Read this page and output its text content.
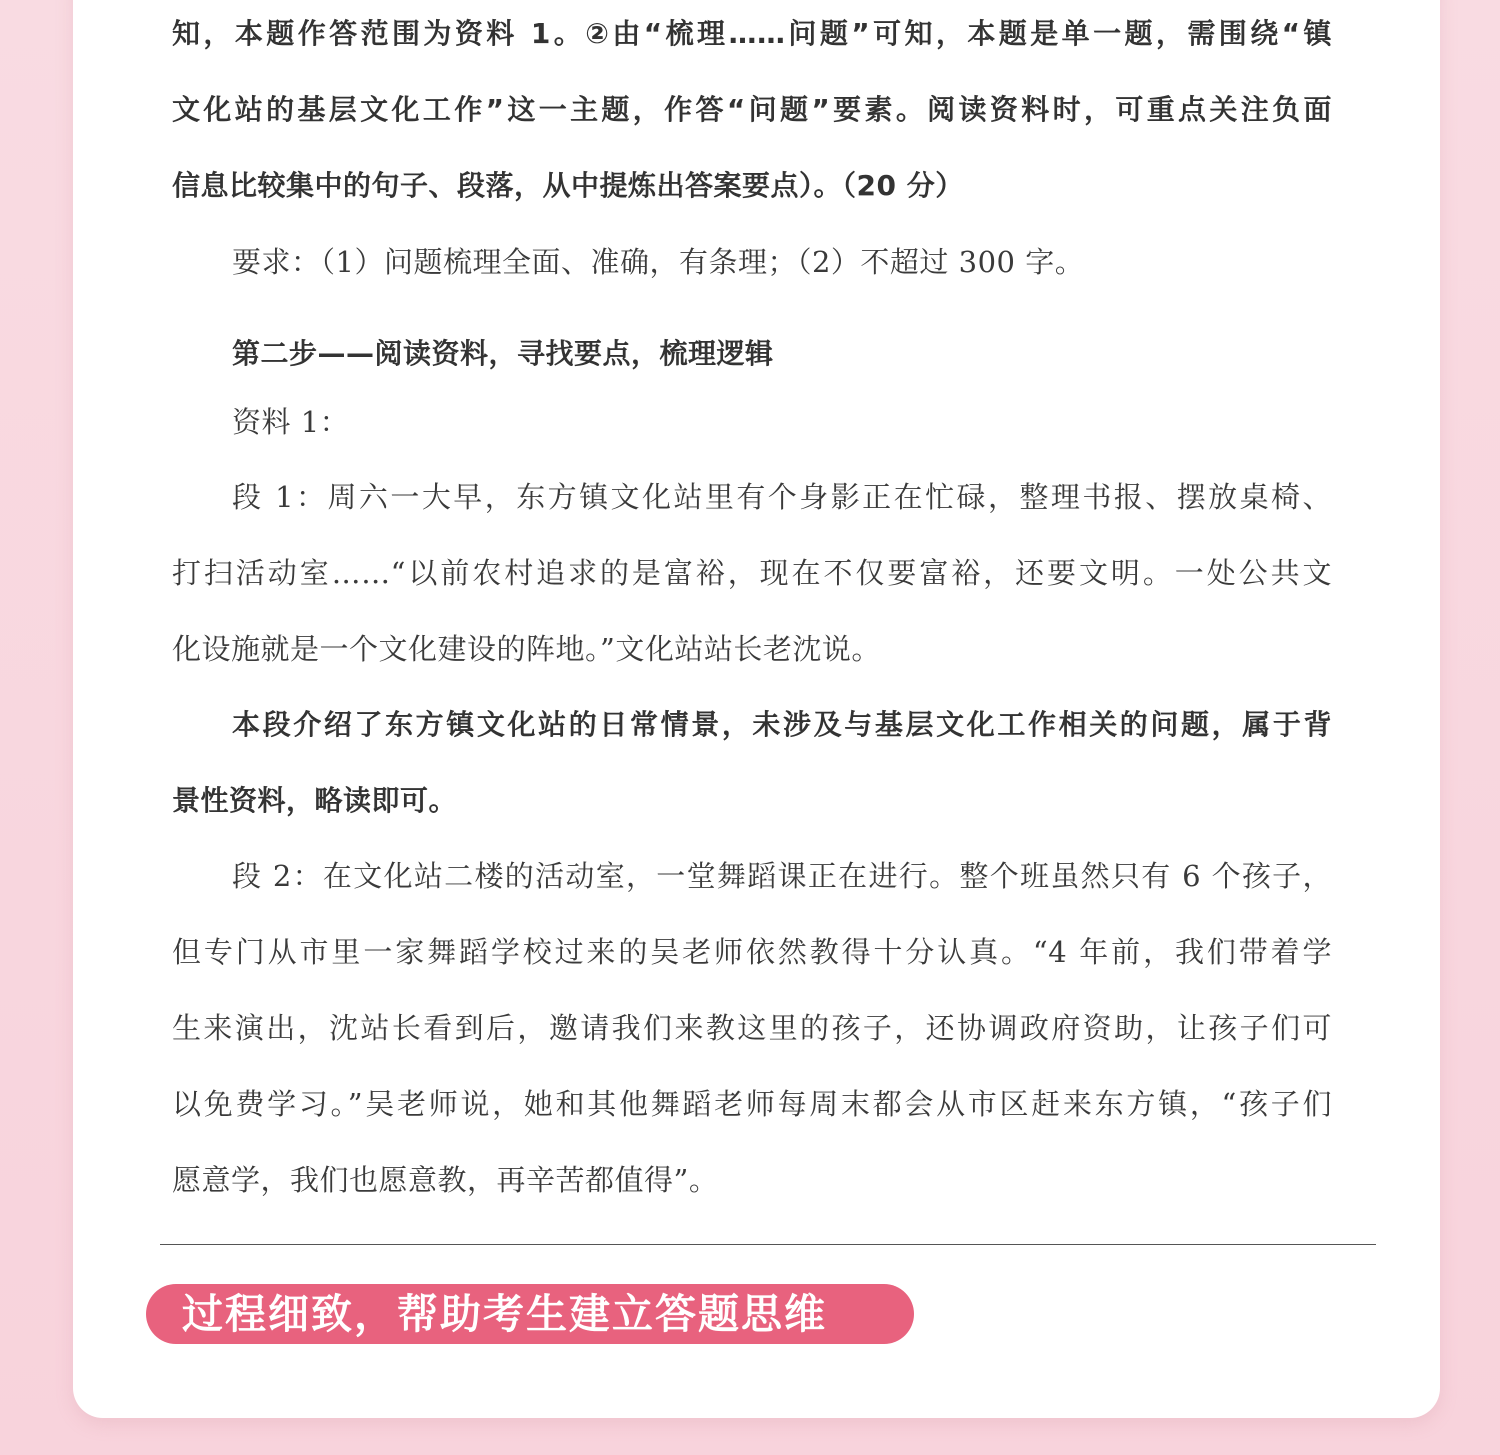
知，本题作答范围为资料 1。②由“梳理……问题”可知，本题是单一题，需围绕“镇
文化站的基层文化工作”这一主题，作答“问题”要素。阅读资料时，可重点关注负面
信息比较集中的句子、段落，从中提炼出答案要点）。（20 分）
要求：（1）问题梳理全面、准确，有条理；（2）不超过 300 字。
第二步——阅读资料，寻找要点，梳理逻辑
资料 1：
段 1：周六一大早，东方镇文化站里有个身影正在忙碌，整理书报、摆放桌椅、
打扫活动室……“以前农村追求的是富裕，现在不仅要富裕，还要文明。一处公共文
化设施就是一个文化建设的阵地。”文化站站长老沈说。
本段介绍了东方镇文化站的日常情景，未涉及与基层文化工作相关的问题，属于背
景性资料，略读即可。
段 2：在文化站二楼的活动室，一堂舞蹈课正在进行。整个班虽然只有 6 个孩子，
但专门从市里一家舞蹈学校过来的吴老师依然教得十分认真。“4 年前，我们带着学
生来演出，沈站长看到后，邀请我们来教这里的孩子，还协调政府资助，让孩子们可
以免费学习。”吴老师说，她和其他舞蹈老师每周末都会从市区赶来东方镇，“孩子们
愿意学，我们也愿意教，再辛苦都值得”。
过程细致，帮助考生建立答题思维
